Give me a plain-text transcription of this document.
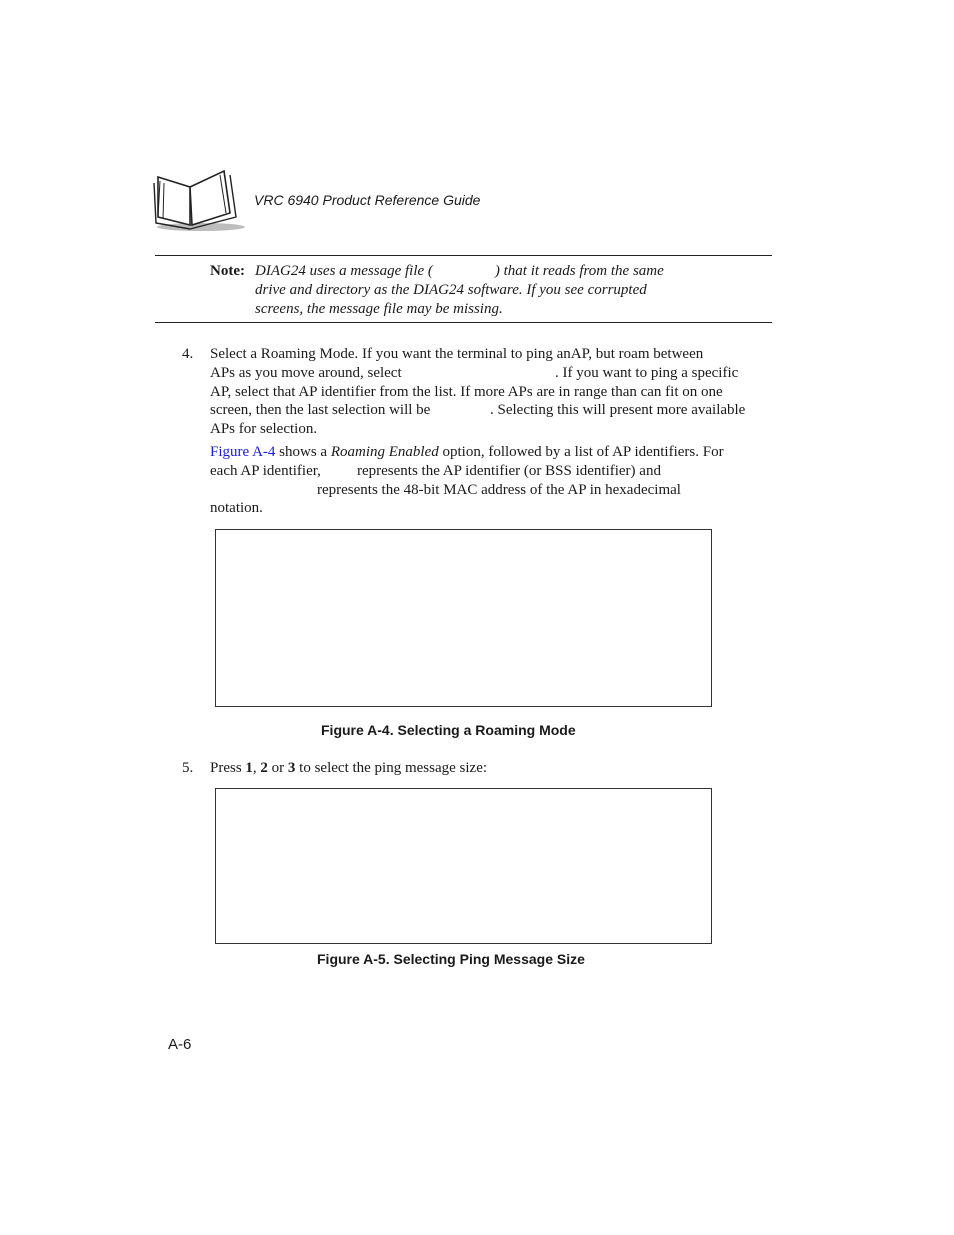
VRC 6940 Product Reference Guide
Note: DIAG24 uses a message file (	) that it reads from the same
drive and directory as the DIAG24 software. If you see corrupted
screens, the message file may be missing.
4. Select a Roaming Mode. If you want the terminal to ping anAP, but roam between
APs as you move around, select	. If you want to ping a specific
AP, select that AP identifier from the list. If more APs are in range than can fit on one
screen, then the last selection will be	. Selecting this will present more available
APs for selection.
Figure A-4 shows a Roaming Enabled option, followed by a list of AP identifiers. For
each AP identifier, represents the AP identifier (or BSS identifier) and
represents the 48-bit MAC address of the AP in hexadecimal
notation.
Figure A-4. Selecting a Roaming Mode
5. Press 1, 2 or 3 to select the ping message size:
Figure A-5. Selecting Ping Message Size
A-6
